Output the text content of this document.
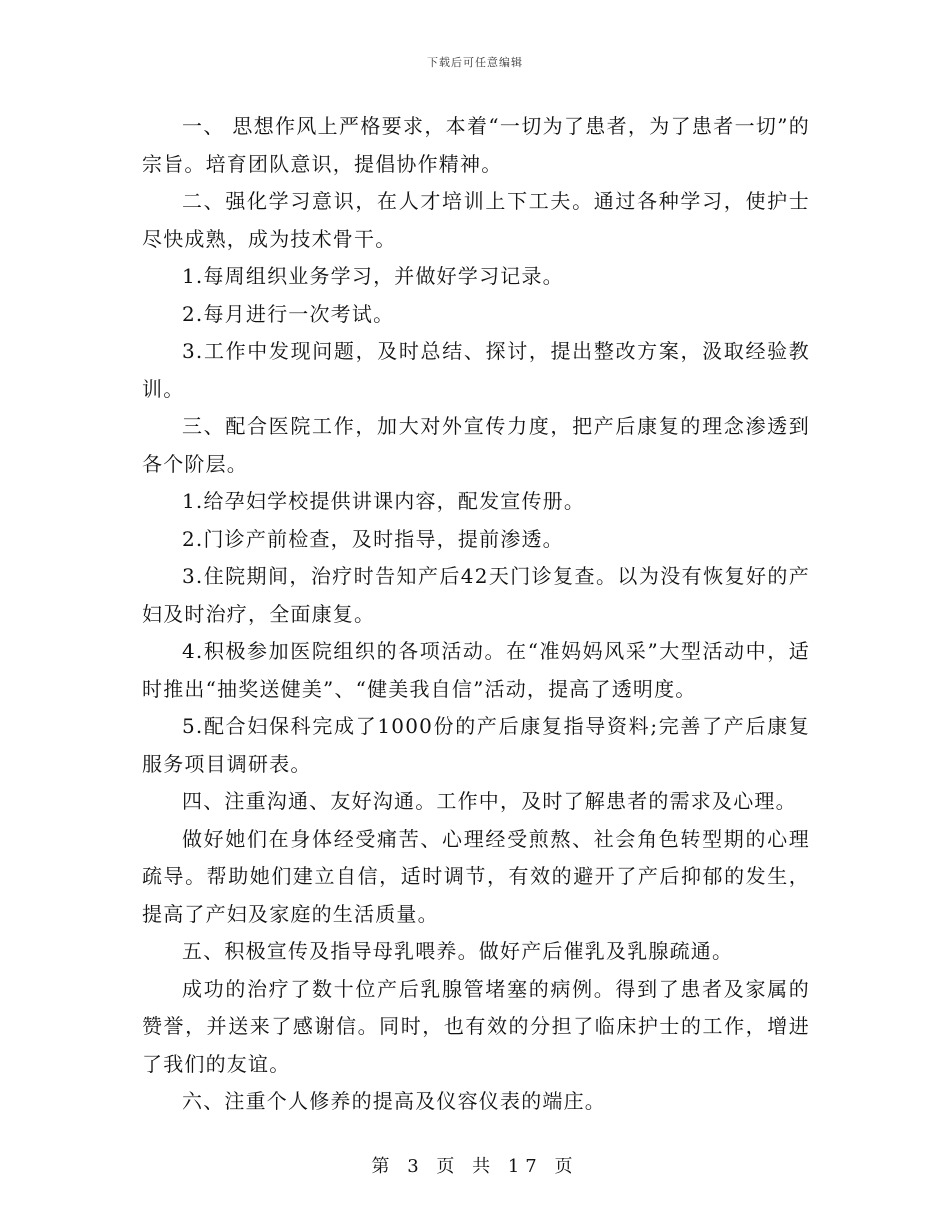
下载后可任意编辑

一、 思想作风上严格要求，本着“一切为了患者，为了患者一切”的宗旨。培育团队意识，提倡协作精神。

二、强化学习意识，在人才培训上下工夫。通过各种学习，使护士尽快成熟，成为技术骨干。

1.每周组织业务学习，并做好学习记录。

2.每月进行一次考试。

3.工作中发现问题，及时总结、探讨，提出整改方案，汲取经验教训。

三、配合医院工作，加大对外宣传力度，把产后康复的理念渗透到各个阶层。

1.给孕妇学校提供讲课内容，配发宣传册。

2.门诊产前检查，及时指导，提前渗透。

3.住院期间，治疗时告知产后42天门诊复查。以为没有恢复好的产妇及时治疗，全面康复。

4.积极参加医院组织的各项活动。在“准妈妈风采”大型活动中，适时推出“抽奖送健美”、“健美我自信”活动，提高了透明度。

5.配合妇保科完成了1000份的产后康复指导资料;完善了产后康复服务项目调研表。

四、注重沟通、友好沟通。工作中，及时了解患者的需求及心理。

做好她们在身体经受痛苦、心理经受煎熬、社会角色转型期的心理疏导。帮助她们建立自信，适时调节，有效的避开了产后抑郁的发生，提高了产妇及家庭的生活质量。

五、积极宣传及指导母乳喂养。做好产后催乳及乳腺疏通。

成功的治疗了数十位产后乳腺管堵塞的病例。得到了患者及家属的赞誉，并送来了感谢信。同时，也有效的分担了临床护士的工作，增进了我们的友谊。

六、注重个人修养的提高及仪容仪表的端庄。

第 3 页 共 17 页
